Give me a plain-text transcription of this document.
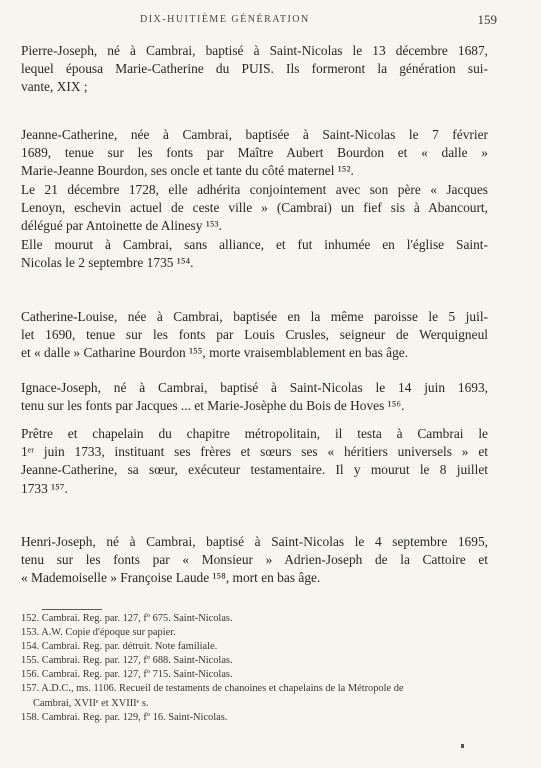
DIX-HUITIÈME GÉNÉRATION	159

Pierre-Joseph, né à Cambrai, baptisé à Saint-Nicolas le 13 décembre 1687,
lequel épousa Marie-Catherine du PUIS. Ils formeront la génération sui-
vante, XIX ;

Jeanne-Catherine, née à Cambrai, baptisée à Saint-Nicolas le 7 février
1689, tenue sur les fonts par Maître Aubert Bourdon et « dalle »
Marie-Jeanne Bourdon, ses oncle et tante du côté maternel ¹⁵².

Le 21 décembre 1728, elle adhérita conjointement avec son père « Jacques
Lenoyn, eschevin actuel de ceste ville » (Cambrai) un fief sis à Abancourt,
délégué par Antoinette de Alinesy ¹⁵³.

Elle mourut à Cambrai, sans alliance, et fut inhumée en l'église Saint-
Nicolas le 2 septembre 1735 ¹⁵⁴.

Catherine-Louise, née à Cambrai, baptisée en la même paroisse le 5 juil-
let 1690, tenue sur les fonts par Louis Crusles, seigneur de Werquigneul
et « dalle » Catharine Bourdon ¹⁵⁵, morte vraisemblablement en bas âge.

Ignace-Joseph, né à Cambrai, baptisé à Saint-Nicolas le 14 juin 1693,
tenu sur les fonts par Jacques ... et Marie-Josèphe du Bois de Hoves ¹⁵⁶.

Prêtre et chapelain du chapitre métropolitain, il testa à Cambrai le
1ᵉʳ juin 1733, instituant ses frères et sœurs ses « héritiers universels » et
Jeanne-Catherine, sa sœur, exécuteur testamentaire. Il y mourut le 8 juillet
1733 ¹⁵⁷.

Henri-Joseph, né à Cambrai, baptisé à Saint-Nicolas le 4 septembre 1695,
tenu sur les fonts par « Monsieur » Adrien-Joseph de la Cattoire et
« Mademoiselle » Françoise Laude ¹⁵⁸, mort en bas âge.

152. Cambrai. Reg. par. 127, fº 675. Saint-Nicolas.
153. A.W. Copie d'époque sur papier.
154. Cambrai. Reg. par. détruit. Note familiale.
155. Cambrai. Reg. par. 127, fº 688. Saint-Nicolas.
156. Cambrai. Reg. par. 127, fº 715. Saint-Nicolas.
157. A.D.C., ms. 1106. Recueil de testaments de chanoines et chapelains de la Métropole de
Cambrai, XVIIᵉ et XVIIIᵉ s.
158. Cambrai. Reg. par. 129, fº 16. Saint-Nicolas.
